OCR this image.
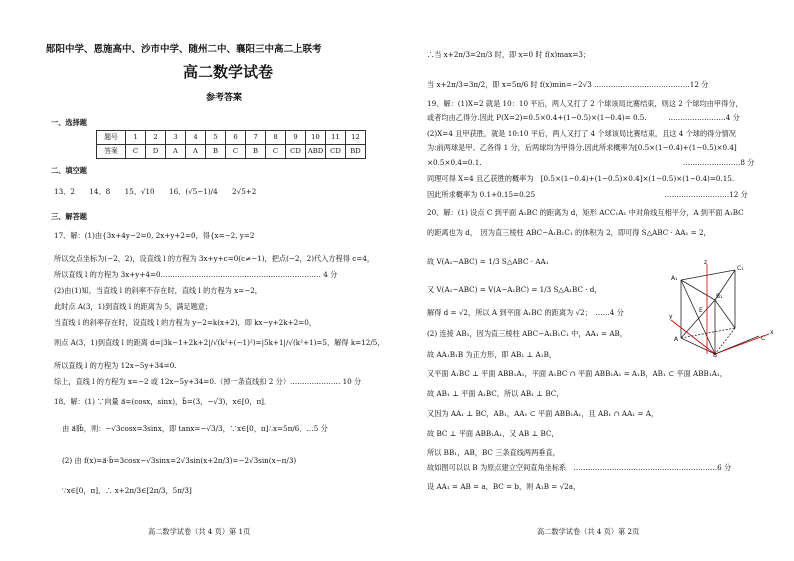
郧阳中学、恩施高中、沙市中学、随州二中、襄阳三中高二上联考
高二数学试卷
参考答案
一、选择题
题号	1	2	3	4	5	6	7	8	9	10	11	12
答案	C	D	A	A	B	C	B	C	CD	ABD	CD	BD
二、填空题
13、2　　14、8　　15、√10　　16、(√5−1)/4　　2√5+2
三、解答题
17、解：(1)由{3x+4y−2=0, 2x+y+2=0，得{x=−2, y=2
所以交点坐标为(−2，2)，设直线 l 的方程为 3x+y+c=0(c≠−1)，把点(−2，2)代入方程得 c=4，
所以直线 l 的方程为 3x+y+4=0.………………………………………………………… 4 分
(2)由(1)知，当直线 l 的斜率不存在时，直线 l 的方程为 x=−2，
此时点 A(3，1)到直线 l 的距离为 5，满足题意；
当直线 l 的斜率存在时，设直线 l 的方程为 y−2=k(x+2)，即 kx−y+2k+2=0，
则点 A(3，1)到直线 l 的距离 d=|3k−1+2k+2|/√(k²+(−1)²)=|5k+1|/√(k²+1)=5，解得 k=12/5，
所以直线 l 的方程为 12x−5y+34=0.
综上，直线 l 的方程为 x=−2 或 12x−5y+34=0.（掉一条直线扣 2 分）………………… 10 分
18、解：(1) ∵向量 a⃗=(cosx，sinx)，b⃗=(3，−√3)，x∈[0，π]．
由 a⃗∥b⃗，则：−√3cosx=3sinx，即 tanx=−√3/3，∵x∈[0，π]∴x=5π/6．…5 分
(2) 由 f(x)=a⃗·b⃗=3cosx−√3sinx=2√3sin(x+2π/3)=−2√3sin(x−π/3)
∵x∈[0，π]，∴ x+2π/3∈[2π/3，5π/3]
高二数学试卷（共 4 页）第 1页
∴当 x+2π/3=2π/3 时，即 x=0 时 f(x)max=3；
当 x+2π/3=3π/2，即 x=5π/6 时 f(x)min=−2√3 .…………………………………12 分
19、解：(1)X=2 就是 10：10 平后，两人又打了 2 个球该局比赛结束，则这 2 个球均由甲得分，
或者均由乙得分.因此 P(X=2)=0.5×0.4+(1−0.5)×(1−0.4)= 0.5.　　　……………………4 分
(2)X=4 且甲获胜，就是 10:10 平后，两人又打了 4 个球该局比赛结束，且这 4 个球的得分情况
为:前两球是甲、乙各得 1 分，后两球均为甲得分.因此所求概率为[0.5×(1−0.4)+(1−0.5)×0.4]
×0.5×0.4=0.1.　　　　　　　　　　　　　　　　　　　　　　　　　　　　……………………8 分
同理可得 X=4 且乙获胜的概率为　[0.5×(1−0.4)+(1−0.5)×0.4]×(1−0.5)×(1−0.4)=0.15.
因此所求概率为 0.1+0.15=0.25　　　　　　　　　　　　　　　　　　………………………12 分
20、解：(1) 设点 C 到平面 A₁BC 的距离为 d，矩形 ACC₁A₁ 中对角线互相平分，A 到平面 A₁BC
的距离也为 d，　因为直三棱柱 ABC−A₁B₁C₁ 的体积为 2，即可得 S△ABC · AA₁ = 2，
故 V(A₁−ABC) = 1/3 S△ABC · AA₁
又 V(A₁−ABC) = V(A−A₁BC) = 1/3 S△A₁BC · d，
解得 d = √2，所以 A 到平面 A₁BC 的距离为 √2；　……4 分
(2) 连接 AB₁，因为直三棱柱 ABC−A₁B₁C₁ 中，AA₁ = AB，
故 AA₁B₁B 为正方形，即 AB₁ ⊥ A₁B，
又平面 A₁BC ⊥ 平面 ABB₁A₁，平面 A₁BC ∩ 平面 ABB₁A₁ = A₁B，AB₁ ⊂ 平面 ABB₁A₁，
故 AB₁ ⊥ 平面 A₁BC，所以 AB₁ ⊥ BC，
又因为 AA₁ ⊥ BC，AB₁，AA₁ ⊂ 平面 ABB₁A₁，且 AB₁ ∩ AA₁ = A，
故 BC ⊥ 平面 ABB₁A₁，又 AB ⊥ BC，
所以 BB₁，AB，BC 三条直线两两垂直，
故如图可以以 B 为原点建立空间直角坐标系　……………………………………………………6 分
设 AA₁ = AB = a，BC = b，则 A₁B = √2a，
A₁
C₁
B₁
E
A	C
B
x
y
z
高二数学试卷（共 4 页）第 2页
